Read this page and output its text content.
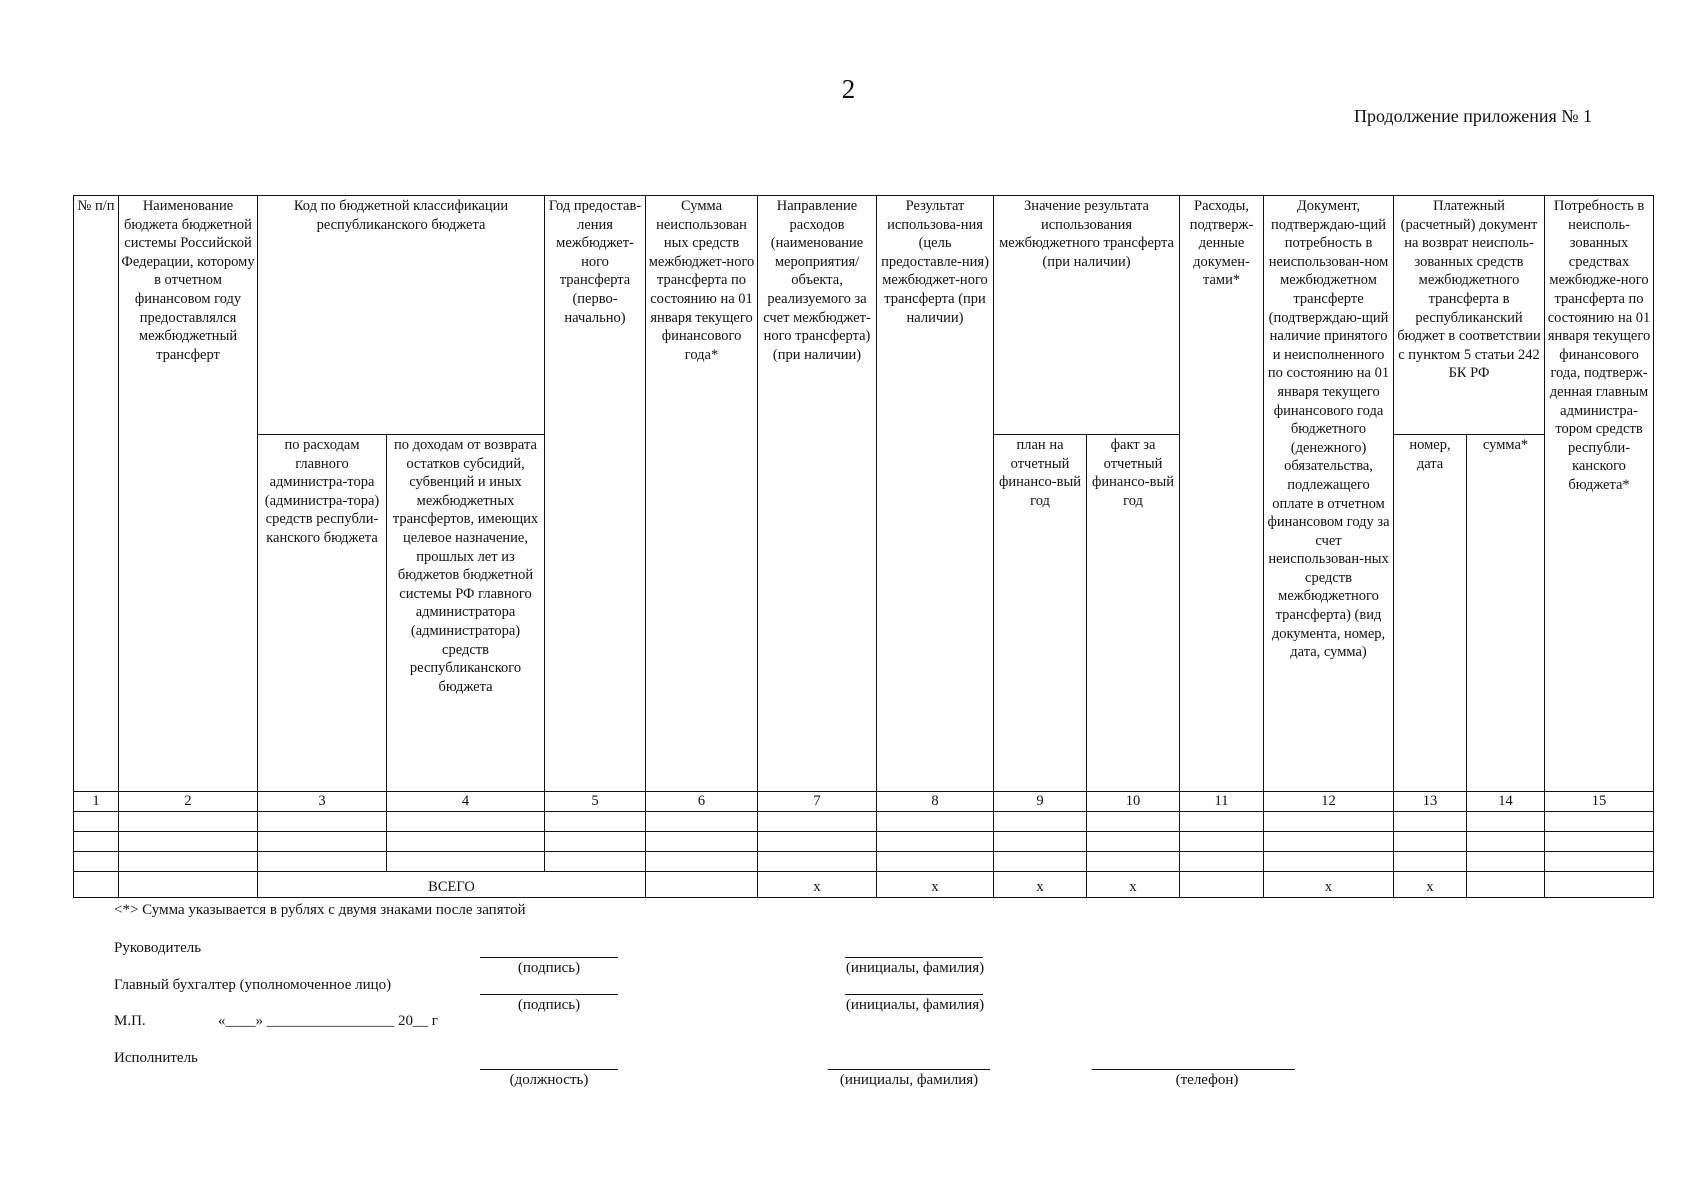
2
Продолжение приложения № 1
№ п/п	Наименование бюджета бюджетной системы Российской Федерации, которому в отчетном финансовом году предоставлялся межбюджетный трансферт	Код по бюджетной классификации республиканского бюджета		Год предостав-ления межбюджет-ного трансферта (перво-начально)	Сумма неиспользован ных средств межбюджет-ного трансферта по состоянию на 01 января текущего финансового года*	Направление расходов (наименование мероприятия/ объекта, реализуемого за счет межбюджет-ного трансферта) (при наличии)	Результат использова-ния (цель предоставле-ния) межбюджет-ного трансферта (при наличии)	Значение результата использования межбюджетного трансферта (при наличии)		Расходы, подтверж-денные докумен-тами*	Документ, подтверждаю-щий потребность в неиспользован-ном межбюджетном трансферте (подтверждаю-щий наличие принятого и неисполненного по состоянию на 01 января текущего финансового года бюджетного (денежного) обязательства, подлежащего оплате в отчетном финансовом году за счет неиспользован-ных средств межбюджетного трансферта) (вид документа, номер, дата, сумма)	Платежный (расчетный) документ на возврат неисполь-зованных средств межбюджетного трансферта в республиканский бюджет в соответствии с пунктом 5 статьи 242 БК РФ		Потребность в неисполь-зованных средствах межбюдже-ного трансферта по состоянию на 01 января текущего финансового года, подтверж-денная главным администра-тором средств республи-канского бюджета*
		по расходам главного администра-тора (администра-тора) средств республи-канского бюджета	по доходам от возврата остатков субсидий, субвенций и иных межбюджетных трансфертов, имеющих целевое назначение, прошлых лет из бюджетов бюджетной системы РФ главного администратора (администратора) средств республиканского бюджета					план на отчетный финансо-вый год	факт за отчетный финансо-вый год			номер, дата	сумма*	
1	2	3	4	5	6	7	8	9	10	11	12	13	14	15

		ВСЕГО				x	x	x	x		x	x		
<*> Сумма указывается в рублях с двумя знаками после запятой
Руководитель
(подпись)	(инициалы, фамилия)
Главный бухгалтер (уполномоченное лицо)
(подпись)	(инициалы, фамилия)
М.П.	«____» _________________ 20__ г
Исполнитель
(должность)	(инициалы, фамилия)	(телефон)
